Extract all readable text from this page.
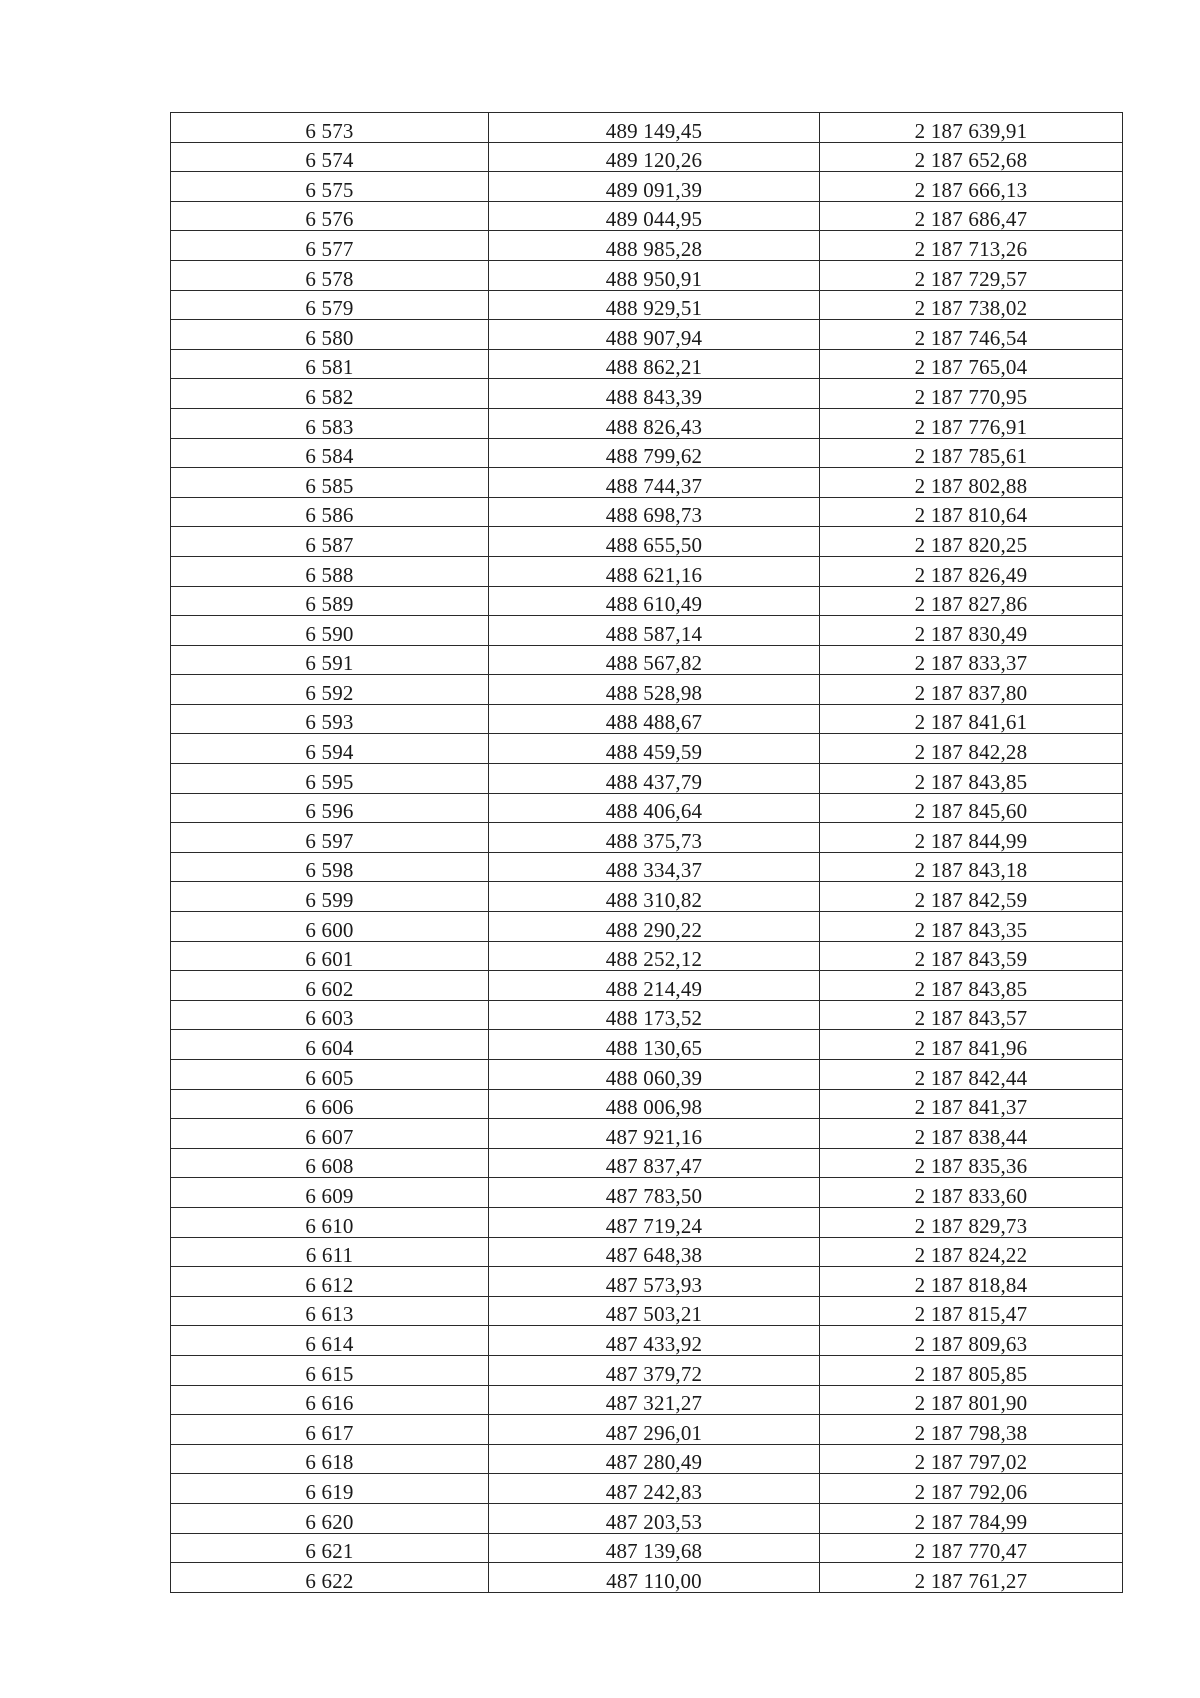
6 573	489 149,45	2 187 639,91
6 574	489 120,26	2 187 652,68
6 575	489 091,39	2 187 666,13
6 576	489 044,95	2 187 686,47
6 577	488 985,28	2 187 713,26
6 578	488 950,91	2 187 729,57
6 579	488 929,51	2 187 738,02
6 580	488 907,94	2 187 746,54
6 581	488 862,21	2 187 765,04
6 582	488 843,39	2 187 770,95
6 583	488 826,43	2 187 776,91
6 584	488 799,62	2 187 785,61
6 585	488 744,37	2 187 802,88
6 586	488 698,73	2 187 810,64
6 587	488 655,50	2 187 820,25
6 588	488 621,16	2 187 826,49
6 589	488 610,49	2 187 827,86
6 590	488 587,14	2 187 830,49
6 591	488 567,82	2 187 833,37
6 592	488 528,98	2 187 837,80
6 593	488 488,67	2 187 841,61
6 594	488 459,59	2 187 842,28
6 595	488 437,79	2 187 843,85
6 596	488 406,64	2 187 845,60
6 597	488 375,73	2 187 844,99
6 598	488 334,37	2 187 843,18
6 599	488 310,82	2 187 842,59
6 600	488 290,22	2 187 843,35
6 601	488 252,12	2 187 843,59
6 602	488 214,49	2 187 843,85
6 603	488 173,52	2 187 843,57
6 604	488 130,65	2 187 841,96
6 605	488 060,39	2 187 842,44
6 606	488 006,98	2 187 841,37
6 607	487 921,16	2 187 838,44
6 608	487 837,47	2 187 835,36
6 609	487 783,50	2 187 833,60
6 610	487 719,24	2 187 829,73
6 611	487 648,38	2 187 824,22
6 612	487 573,93	2 187 818,84
6 613	487 503,21	2 187 815,47
6 614	487 433,92	2 187 809,63
6 615	487 379,72	2 187 805,85
6 616	487 321,27	2 187 801,90
6 617	487 296,01	2 187 798,38
6 618	487 280,49	2 187 797,02
6 619	487 242,83	2 187 792,06
6 620	487 203,53	2 187 784,99
6 621	487 139,68	2 187 770,47
6 622	487 110,00	2 187 761,27
